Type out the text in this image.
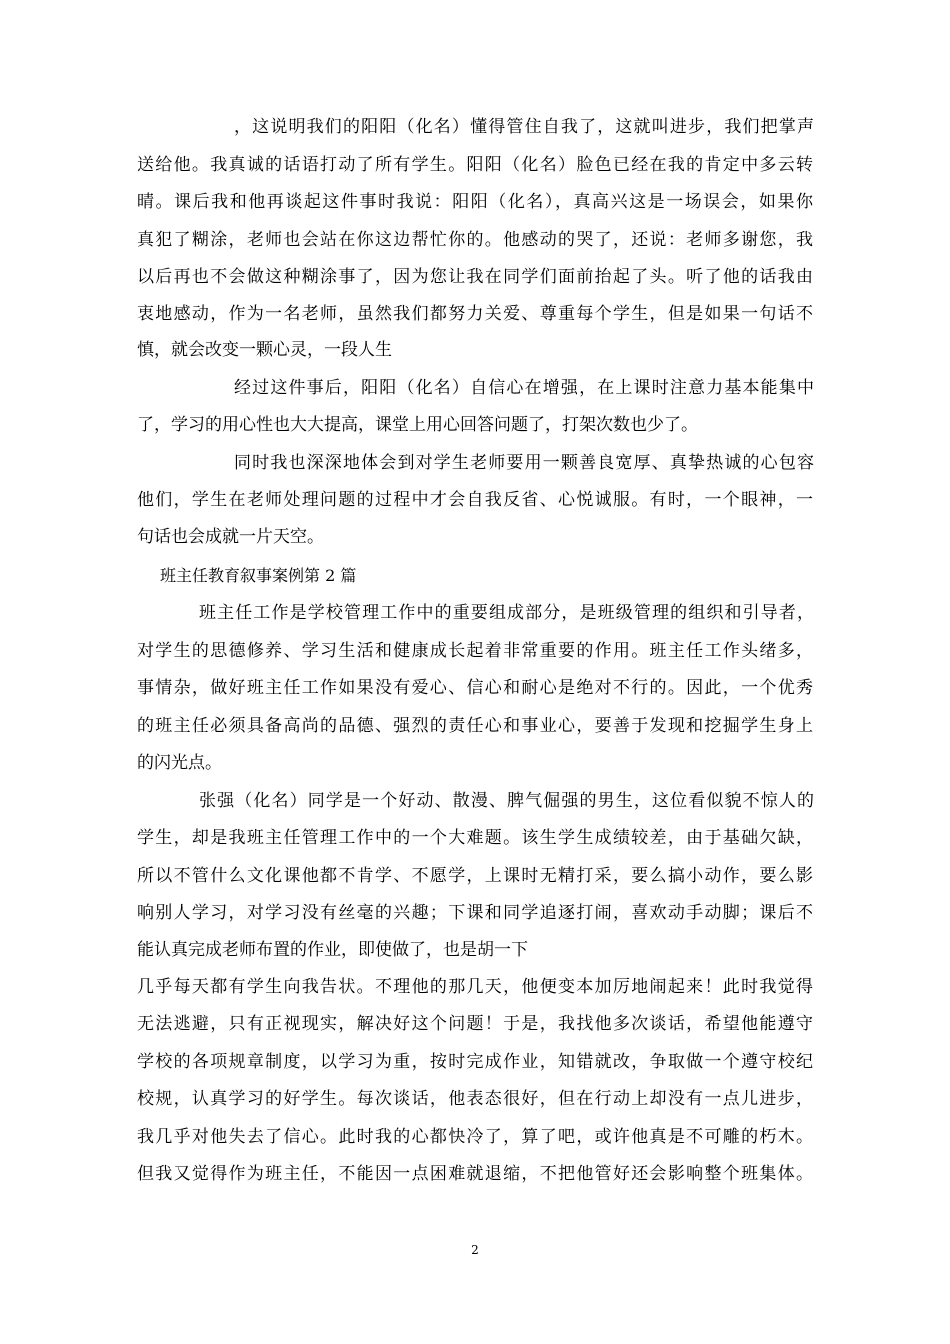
，这说明我们的阳阳（化名）懂得管住自我了，这就叫进步，我们把掌声
送给他。我真诚的话语打动了所有学生。阳阳（化名）脸色已经在我的肯定中多云转
晴。课后我和他再谈起这件事时我说：阳阳（化名），真高兴这是一场误会，如果你
真犯了糊涂，老师也会站在你这边帮忙你的。他感动的哭了，还说：老师多谢您，我
以后再也不会做这种糊涂事了，因为您让我在同学们面前抬起了头。听了他的话我由
衷地感动，作为一名老师，虽然我们都努力关爱、尊重每个学生，但是如果一句话不
慎，就会改变一颗心灵，一段人生
经过这件事后，阳阳（化名）自信心在增强，在上课时注意力基本能集中
了，学习的用心性也大大提高，课堂上用心回答问题了，打架次数也少了。
同时我也深深地体会到对学生老师要用一颗善良宽厚、真挚热诚的心包容
他们，学生在老师处理问题的过程中才会自我反省、心悦诚服。有时，一个眼神，一
句话也会成就一片天空。
班主任教育叙事案例第 2 篇
班主任工作是学校管理工作中的重要组成部分，是班级管理的组织和引导者，
对学生的思德修养、学习生活和健康成长起着非常重要的作用。班主任工作头绪多，
事情杂，做好班主任工作如果没有爱心、信心和耐心是绝对不行的。因此，一个优秀
的班主任必须具备高尚的品德、强烈的责任心和事业心，要善于发现和挖掘学生身上
的闪光点。
张强（化名）同学是一个好动、散漫、脾气倔强的男生，这位看似貌不惊人的
学生，却是我班主任管理工作中的一个大难题。该生学生成绩较差，由于基础欠缺，
所以不管什么文化课他都不肯学、不愿学，上课时无精打采，要么搞小动作，要么影
响别人学习，对学习没有丝毫的兴趣；下课和同学追逐打闹，喜欢动手动脚；课后不
能认真完成老师布置的作业，即使做了，也是胡一下
几乎每天都有学生向我告状。不理他的那几天，他便变本加厉地闹起来！此时我觉得
无法逃避，只有正视现实，解决好这个问题！于是，我找他多次谈话，希望他能遵守
学校的各项规章制度，以学习为重，按时完成作业，知错就改，争取做一个遵守校纪
校规，认真学习的好学生。每次谈话，他表态很好，但在行动上却没有一点儿进步，
我几乎对他失去了信心。此时我的心都快冷了，算了吧，或许他真是不可雕的朽木。
但我又觉得作为班主任，不能因一点困难就退缩，不把他管好还会影响整个班集体。
2
